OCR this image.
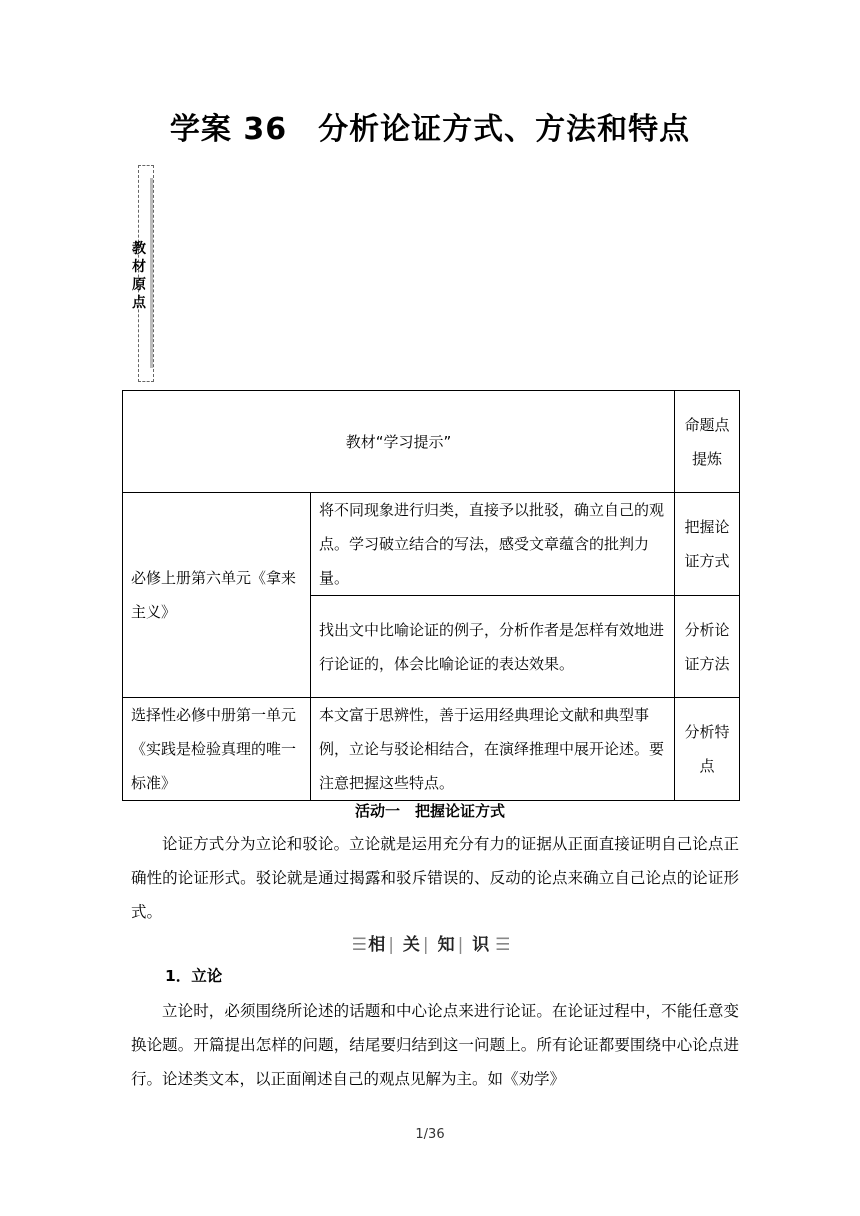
学案 36　分析论证方式、方法和特点
教
材
原
点
教材“学习提示”		命题点提炼
必修上册第六单元《拿来主义》	将不同现象进行归类，直接予以批驳，确立自己的观点。学习破立结合的写法，感受文章蕴含的批判力量。	把握论证方式
	找出文中比喻论证的例子，分析作者是怎样有效地进行论证的，体会比喻论证的表达效果。	分析论证方法
选择性必修中册第一单元《实践是检验真理的唯一标准》	本文富于思辨性，善于运用经典理论文献和典型事例，立论与驳论相结合，在演绎推理中展开论述。要注意把握这些特点。	分析特点
活动一　把握论证方式
论证方式分为立论和驳论。立论就是运用充分有力的证据从正面直接证明自己论点正确性的论证形式。驳论就是通过揭露和驳斥错误的、反动的论点来确立自己论点的论证形式。
☰ 相 | 关 | 知 | 识 ☰
1．立论
立论时，必须围绕所论述的话题和中心论点来进行论证。在论证过程中，不能任意变换论题。开篇提出怎样的问题，结尾要归结到这一问题上。所有论证都要围绕中心论点进行。论述类文本，以正面阐述自己的观点见解为主。如《劝学》
1/36
